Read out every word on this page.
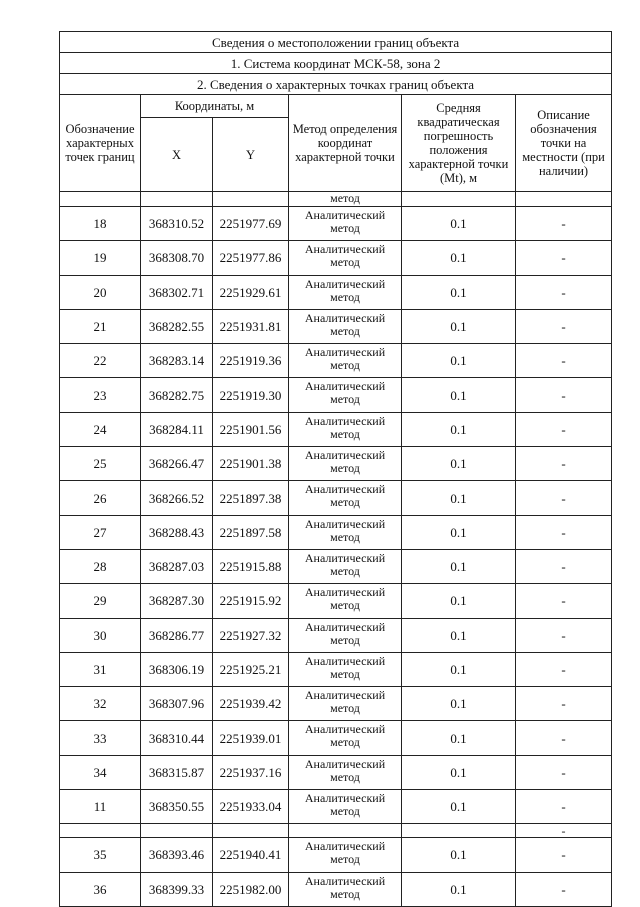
Сведения о местоположении границ объекта					
1. Система координат МСК-58, зона 2					
2. Сведения о характерных точках границ объекта					
Обозначение характерных точек границ	Координаты, м		Метод определения координат характерной точки	Средняя квадратическая погрешность положения характерной точки (Mt), м	Описание обозначения точки на местности (при наличии)
	X	Y			
			метод		
18	368310.52	2251977.69	Аналитический метод	0.1	-
19	368308.70	2251977.86	Аналитический метод	0.1	-
20	368302.71	2251929.61	Аналитический метод	0.1	-
21	368282.55	2251931.81	Аналитический метод	0.1	-
22	368283.14	2251919.36	Аналитический метод	0.1	-
23	368282.75	2251919.30	Аналитический метод	0.1	-
24	368284.11	2251901.56	Аналитический метод	0.1	-
25	368266.47	2251901.38	Аналитический метод	0.1	-
26	368266.52	2251897.38	Аналитический метод	0.1	-
27	368288.43	2251897.58	Аналитический метод	0.1	-
28	368287.03	2251915.88	Аналитический метод	0.1	-
29	368287.30	2251915.92	Аналитический метод	0.1	-
30	368286.77	2251927.32	Аналитический метод	0.1	-
31	368306.19	2251925.21	Аналитический метод	0.1	-
32	368307.96	2251939.42	Аналитический метод	0.1	-
33	368310.44	2251939.01	Аналитический метод	0.1	-
34	368315.87	2251937.16	Аналитический метод	0.1	-
11	368350.55	2251933.04	Аналитический метод	0.1	-
					-
35	368393.46	2251940.41	Аналитический метод	0.1	-
36	368399.33	2251982.00	Аналитический метод	0.1	-
